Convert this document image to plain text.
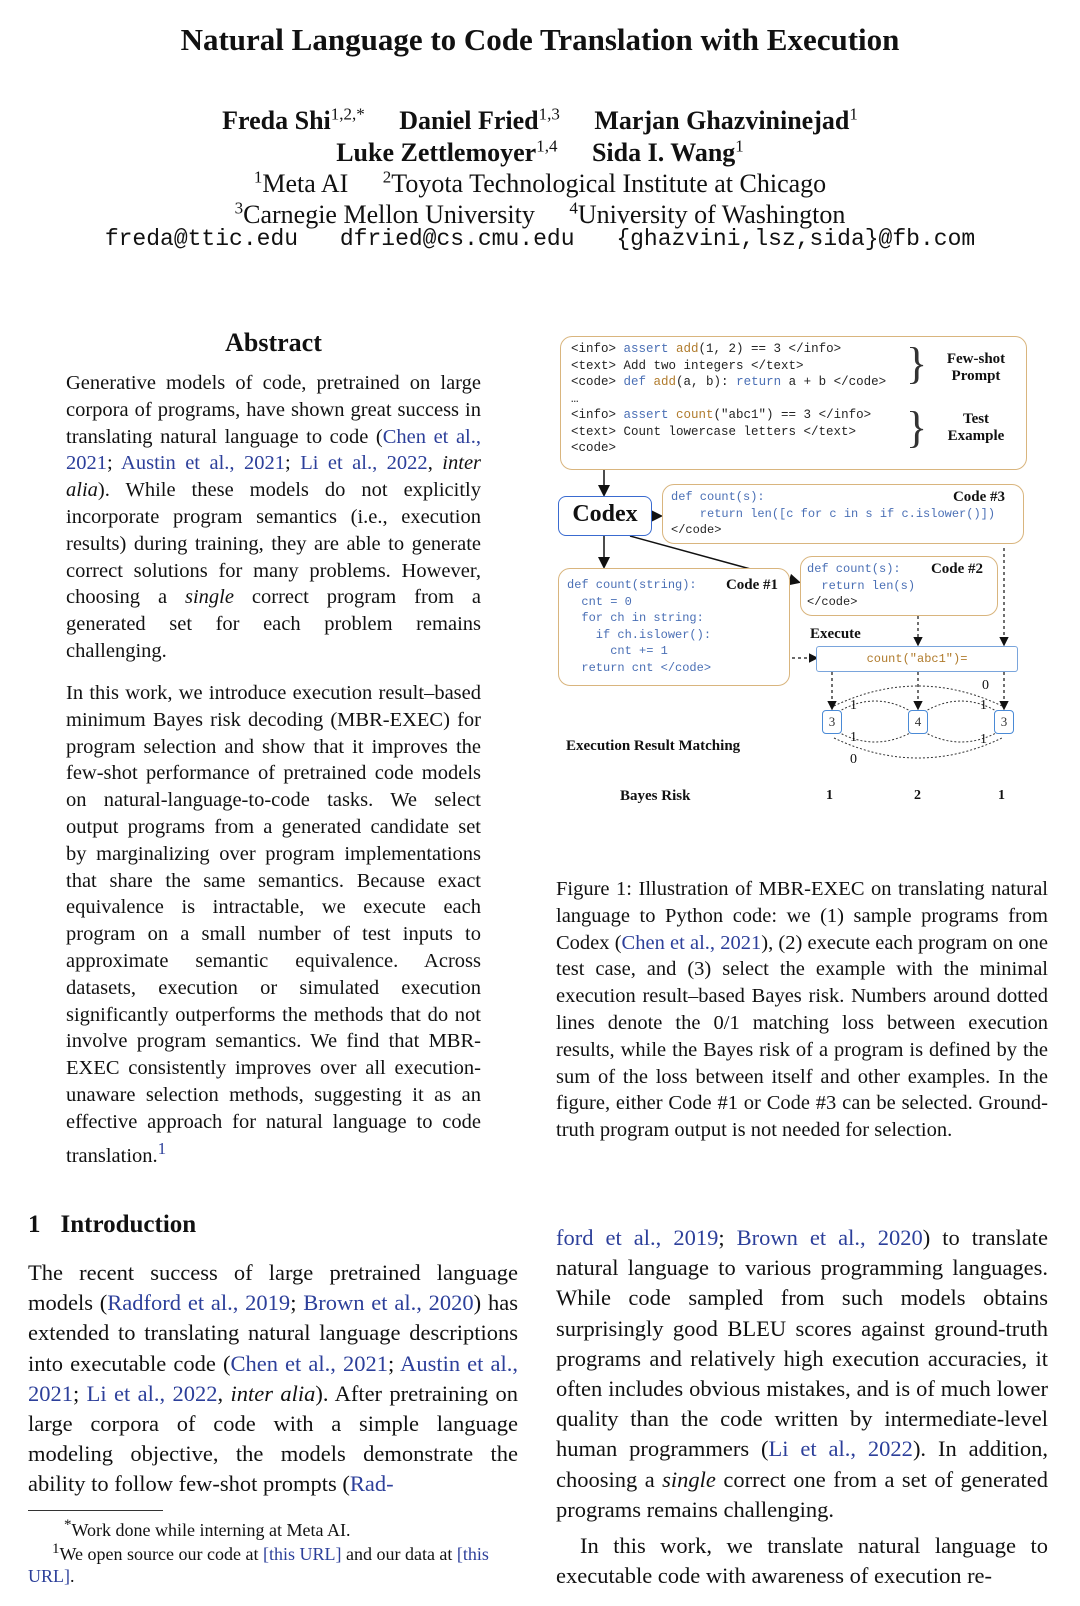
Natural Language to Code Translation with Execution
Freda Shi$^{1,2,*}$ Daniel Fried$^{1,3}$ Marjan Ghazvininejad$^1$
Luke Zettlemoyer$^{1,4}$ Sida I. Wang$^1$
$^1$Meta AI $^2$Toyota Technological Institute at Chicago
$^3$Carnegie Mellon University $^4$University of Washington
freda@ttic.edu dfried@cs.cmu.edu {ghazvini,lsz,sida}@fb.com
Abstract

Generative models of code, pretrained on large corpora of programs, have shown great success in translating natural language to code (Chen et al., 2021; Austin et al., 2021; Li et al., 2022, inter alia). While these models do not explicitly incorporate program semantics (i.e., execution results) during training, they are able to generate correct solutions for many problems. However, choosing a single correct program from a generated set for each problem remains challenging.

In this work, we introduce execution result–based minimum Bayes risk decoding (MBR-EXEC) for program selection and show that it improves the few-shot performance of pretrained code models on natural-language-to-code tasks. We select output programs from a generated candidate set by marginalizing over program implementations that share the same semantics. Because exact equivalence is intractable, we execute each program on a small number of test inputs to approximate semantic equivalence. Across datasets, execution or simulated execution significantly outperforms the methods that do not involve program semantics. We find that MBR-EXEC consistently improves over all execution-unaware selection methods, suggesting it as an effective approach for natural language to code translation.$^1$

<info> assert add(1, 2) == 3 </info>
<text> Add two integers </text>
<code> def add(a, b): return a + b </code>
…
<info> assert count("abc1") == 3 </info>
<text> Count lowercase letters </text>
<code>
}
}
Few-shot
Prompt
Test
Example
Codex
def count(s):
return len([c for c in s if c.islower()])
</code>
Code #3
def count(s):
return len(s)
</code>
Code #2
def count(string):
cnt = 0
for ch in string:
if ch.islower():
cnt += 1
return cnt </code>
Code #1
Execute
count("abc1")=
3	4	3
1
1
0
0
1
1
Execution Result Matching
Bayes Risk	1	2	1

Figure 1: Illustration of MBR-EXEC on translating natural language to Python code: we (1) sample programs from Codex (Chen et al., 2021), (2) execute each program on one test case, and (3) select the example with the minimal execution result–based Bayes risk. Numbers around dotted lines denote the 0/1 matching loss between execution results, while the Bayes risk of a program is defined by the sum of the loss between itself and other examples. In the figure, either Code #1 or Code #3 can be selected. Ground-truth program output is not needed for selection.

1 Introduction

The recent success of large pretrained language models (Radford et al., 2019; Brown et al., 2020) has extended to translating natural language descriptions into executable code (Chen et al., 2021; Austin et al., 2021; Li et al., 2022, inter alia). After pretraining on large corpora of code with a simple language modeling objective, the models demonstrate the ability to follow few-shot prompts (Rad-

ford et al., 2019; Brown et al., 2020) to translate natural language to various programming languages. While code sampled from such models obtains surprisingly good BLEU scores against ground-truth programs and relatively high execution accuracies, it often includes obvious mistakes, and is of much lower quality than the code written by intermediate-level human programmers (Li et al., 2022). In addition, choosing a single correct one from a set of generated programs remains challenging.

In this work, we translate natural language to executable code with awareness of execution re-

*Work done while interning at Meta AI.

$^1$We open source our code at [this URL] and our data at [this URL].
